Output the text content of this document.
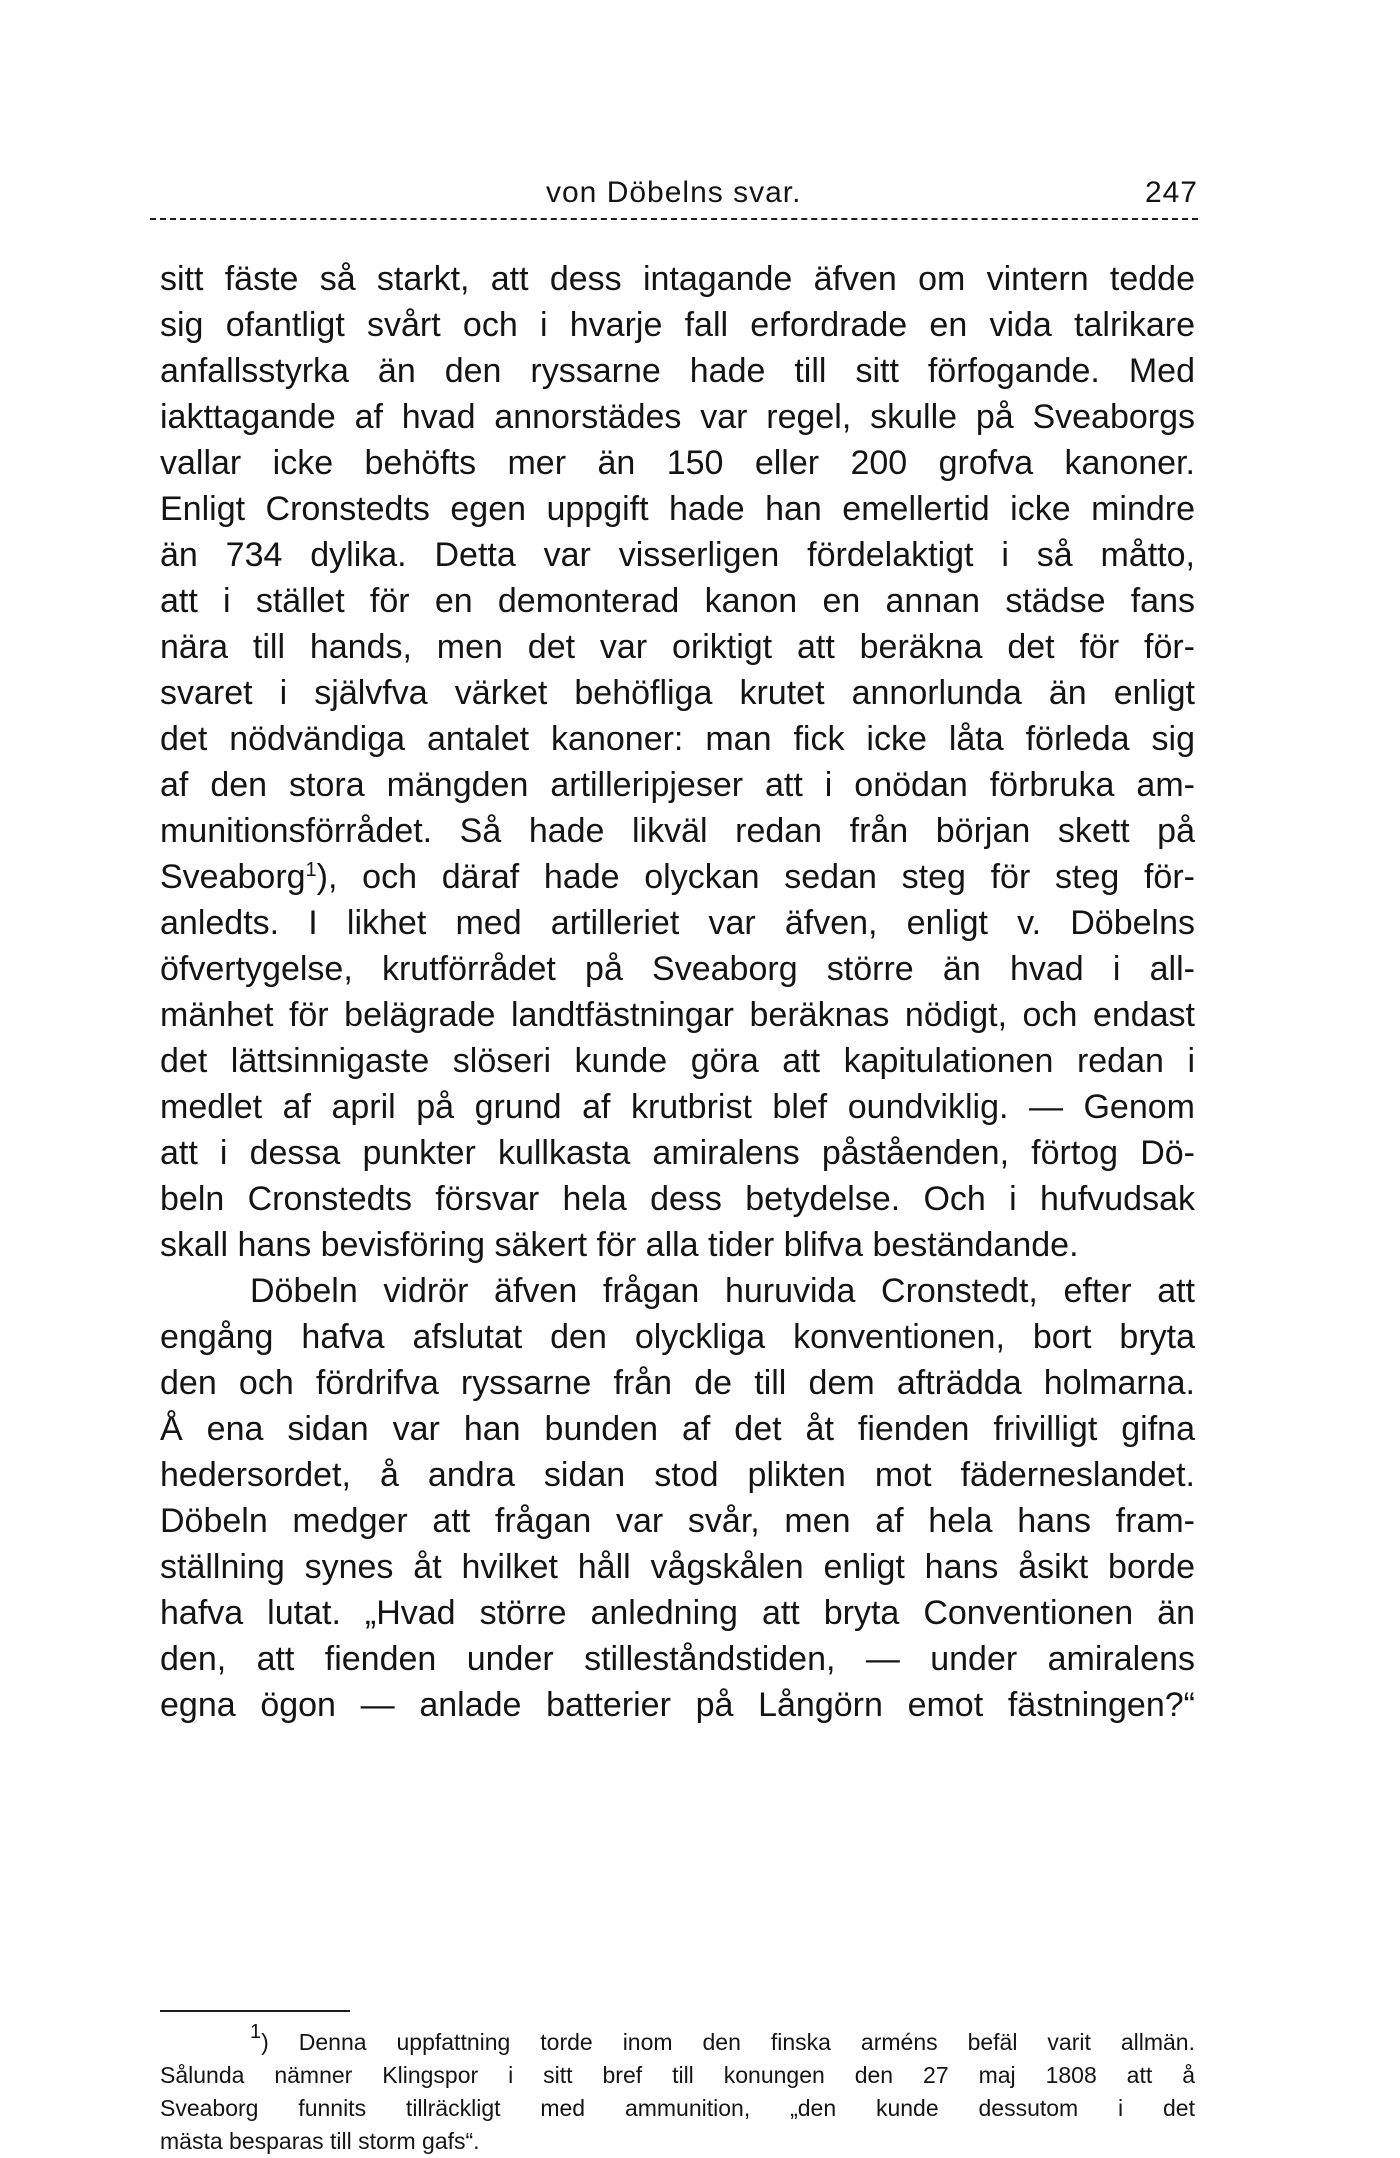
von Döbelns svar.	247
sitt fäste så starkt, att dess intagande äfven om vintern tedde
sig ofantligt svårt och i hvarje fall erfordrade en vida talrikare
anfallsstyrka än den ryssarne hade till sitt förfogande. Med
iakttagande af hvad annorstädes var regel, skulle på Sveaborgs
vallar icke behöfts mer än 150 eller 200 grofva kanoner.
Enligt Cronstedts egen uppgift hade han emellertid icke mindre
än 734 dylika. Detta var visserligen fördelaktigt i så måtto,
att i stället för en demonterad kanon en annan städse fans
nära till hands, men det var oriktigt att beräkna det för för-
svaret i självfva värket behöfliga krutet annorlunda än enligt
det nödvändiga antalet kanoner: man fick icke låta förleda sig
af den stora mängden artilleripjeser att i onödan förbruka am-
munitionsförrådet. Så hade likväl redan från början skett på
Sveaborg$^1$), och däraf hade olyckan sedan steg för steg för-
anledts. I likhet med artilleriet var äfven, enligt v. Döbelns
öfvertygelse, krutförrådet på Sveaborg större än hvad i all-
mänhet för belägrade landtfästningar beräknas nödigt, och endast
det lättsinnigaste slöseri kunde göra att kapitulationen redan i
medlet af april på grund af krutbrist blef oundviklig. — Genom
att i dessa punkter kullkasta amiralens påståenden, förtog Dö-
beln Cronstedts försvar hela dess betydelse. Och i hufvudsak
skall hans bevisföring säkert för alla tider blifva beständande.
Döbeln vidrör äfven frågan huruvida Cronstedt, efter att
engång hafva afslutat den olyckliga konventionen, bort bryta
den och fördrifva ryssarne från de till dem afträdda holmarna.
Å ena sidan var han bunden af det åt fienden frivilligt gifna
hedersordet, å andra sidan stod plikten mot fäderneslandet.
Döbeln medger att frågan var svår, men af hela hans fram-
ställning synes åt hvilket håll vågskålen enligt hans åsikt borde
hafva lutat. „Hvad större anledning att bryta Conventionen än
den, att fienden under stilleståndstiden, — under amiralens
egna ögon — anlade batterier på Långörn emot fästningen?“
1) Denna uppfattning torde inom den finska arméns befäl varit allmän.
Sålunda nämner Klingspor i sitt bref till konungen den 27 maj 1808 att å
Sveaborg funnits tillräckligt med ammunition, „den kunde dessutom i det
mästa besparas till storm gafs“.
